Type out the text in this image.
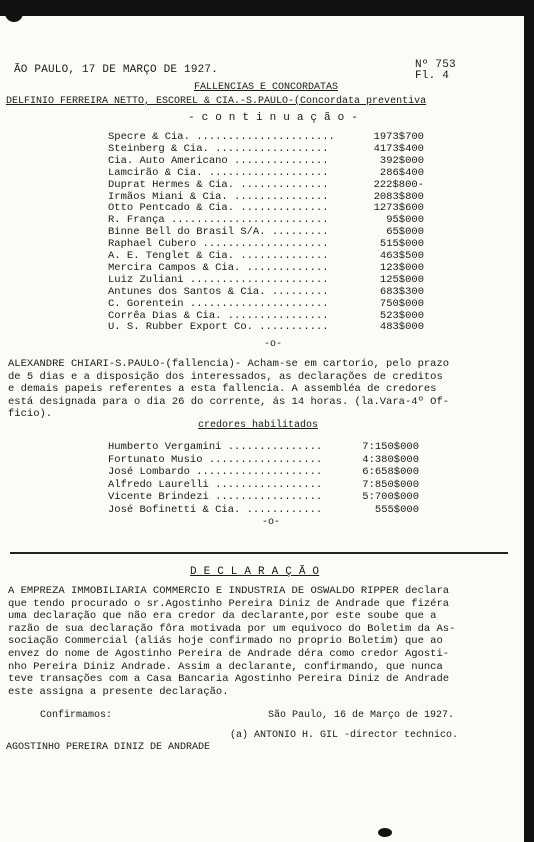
ÃO PAULO, 17 DE MARÇO DE 1927.	Nº 753
Fl. 4
FALLENCIAS E CONCORDATAS
DELFINIO FERREIRA NETTO, ESCOREL & CIA.-S.PAULO-(Concordata preventiva
- c o n t i n u a ç ã o -
Specre & Cia. ......................	1973$700
Steinberg & Cia. ..................	4173$400
Cia. Auto Americano ...............	392$000
Lamcirão & Cia. ...................	286$400
Duprat Hermes & Cia. ..............	222$800-
Irmãos Miani & Cia. ...............	2083$800
Otto Pentcado & Cia. ..............	1273$600
R. França .........................	95$000
Binne Bell do Brasil S/A. .........	65$000
Raphael Cubero ....................	515$000
A. E. Tenglet & Cia. ..............	463$500
Mercira Campos & Cia. .............	123$000
Luiz Zuliani ......................	125$000
Antunes dos Santos & Cia. .........	683$300
C. Gorentein ......................	750$000
Corrêa Dias & Cia. ................	523$000
U. S. Rubber Export Co. ...........	483$000
-o-
ALEXANDRE CHIARI-S.PAULO-(fallencia)- Acham-se em cartorio, pelo prazo
de 5 dias e a disposição dos interessados, as declarações de creditos
e demais papeis referentes a esta fallencia. A assembléa de credores
está designada para o dia 26 do corrente, ás 14 horas. (la.Vara-4º Of-
ficio).
credores habilitados
Humberto Vergamini ...............	7:150$000
Fortunato Musio ..................	4:380$000
José Lombardo ....................	6:658$000
Alfredo Laurelli .................	7:850$000
Vicente Brindezi .................	5:700$000
José Bofinetti & Cia. ............	555$000
-o-
D E C L A R A Ç Ã O
A EMPREZA IMMOBILIARIA COMMERCIO E INDUSTRIA DE OSWALDO RIPPER declara
que tendo procurado o sr.Agostinho Pereira Diniz de Andrade que fizéra
uma declaração que não era credor da declarante,por este soube que a
razão de sua declaração fôra motivada por um equivoco do Boletim da As-
sociação Commercial (aliás hoje confirmado no proprio Boletim) que ao
envez do nome de Agostinho Pereira de Andrade déra como credor Agosti-
nho Pereira Diniz Andrade. Assim a declarante, confirmando, que nunca
teve transações com a Casa Bancaria Agostinho Pereira Diniz de Andrade
este assigna a presente declaração.
Confirmamos:	São Paulo, 16 de Março de 1927.
(a) ANTONIO H. GIL -director technico.
AGOSTINHO PEREIRA DINIZ DE ANDRADE
